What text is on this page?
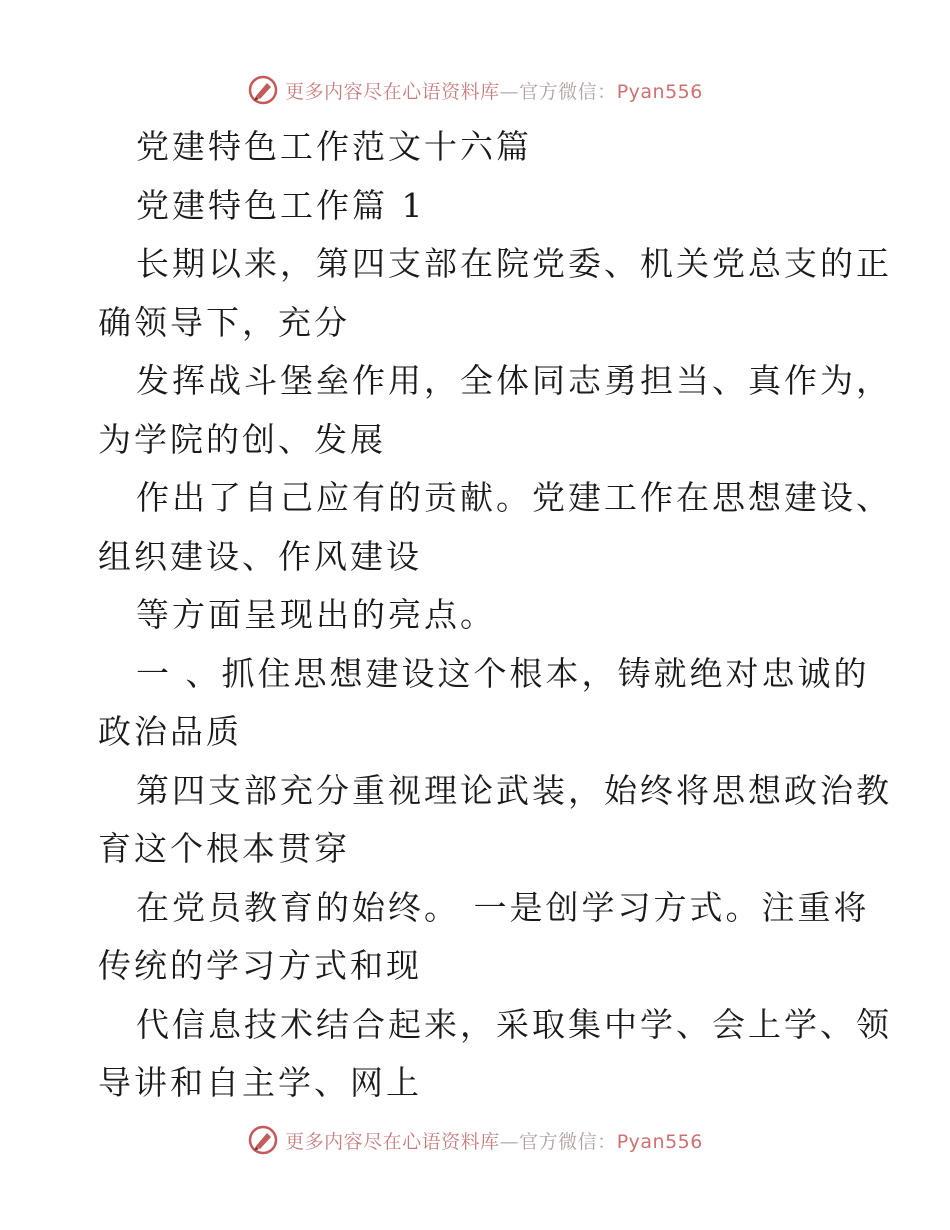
更多内容尽在心语资料库—官方微信：Pyan556
党建特色工作范文十六篇
党建特色工作篇 1
长期以来，第四支部在院党委、机关党总支的正
确领导下，充分
发挥战斗堡垒作用，全体同志勇担当、真作为，
为学院的创、发展
作出了自己应有的贡献。党建工作在思想建设、
组织建设、作风建设
等方面呈现出的亮点。
一 、抓住思想建设这个根本，铸就绝对忠诚的
政治品质
第四支部充分重视理论武装，始终将思想政治教
育这个根本贯穿
在党员教育的始终。 一是创学习方式。注重将
传统的学习方式和现
代信息技术结合起来，采取集中学、会上学、领
导讲和自主学、网上
更多内容尽在心语资料库—官方微信：Pyan556
